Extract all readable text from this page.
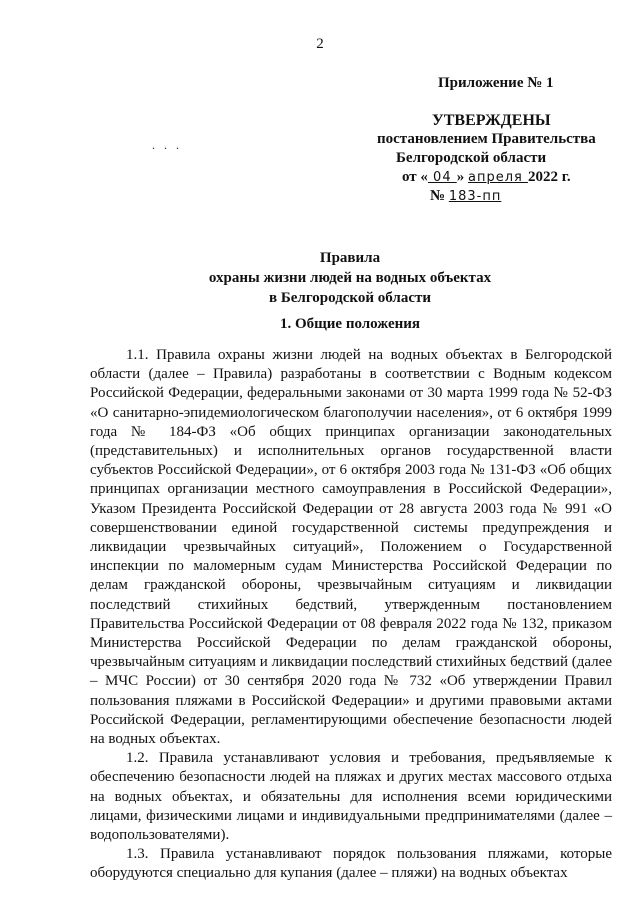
2
Приложение № 1
УТВЕРЖДЕНЫ
постановлением Правительства
Белгородской области
от « 04 » апреля 2022 г.
№ 183-пп
. . .
Правила
охраны жизни людей на водных объектах
в Белгородской области
1. Общие положения

1.1. Правила охраны жизни людей на водных объектах в Белгородской области (далее – Правила) разработаны в соответствии с Водным кодексом Российской Федерации, федеральными законами от 30 марта 1999 года № 52-ФЗ «О санитарно-эпидемиологическом благополучии населения», от 6 октября 1999 года № 184-ФЗ «Об общих принципах организации законодательных (представительных) и исполнительных органов государственной власти субъектов Российской Федерации», от 6 октября 2003 года № 131-ФЗ «Об общих принципах организации местного самоуправления в Российской Федерации», Указом Президента Российской Федерации от 28 августа 2003 года № 991 «О совершенствовании единой государственной системы предупреждения и ликвидации чрезвычайных ситуаций», Положением о Государственной инспекции по маломерным судам Министерства Российской Федерации по делам гражданской обороны, чрезвычайным ситуациям и ликвидации последствий стихийных бедствий, утвержденным постановлением Правительства Российской Федерации от 08 февраля 2022 года № 132, приказом Министерства Российской Федерации по делам гражданской обороны, чрезвычайным ситуациям и ликвидации последствий стихийных бедствий (далее – МЧС России) от 30 сентября 2020 года № 732 «Об утверждении Правил пользования пляжами в Российской Федерации» и другими правовыми актами Российской Федерации, регламентирующими обеспечение безопасности людей на водных объектах.

1.2. Правила устанавливают условия и требования, предъявляемые к обеспечению безопасности людей на пляжах и других местах массового отдыха на водных объектах, и обязательны для исполнения всеми юридическими лицами, физическими лицами и индивидуальными предпринимателями (далее – водопользователями).

1.3. Правила устанавливают порядок пользования пляжами, которые оборудуются специально для купания (далее – пляжи) на водных объектах
